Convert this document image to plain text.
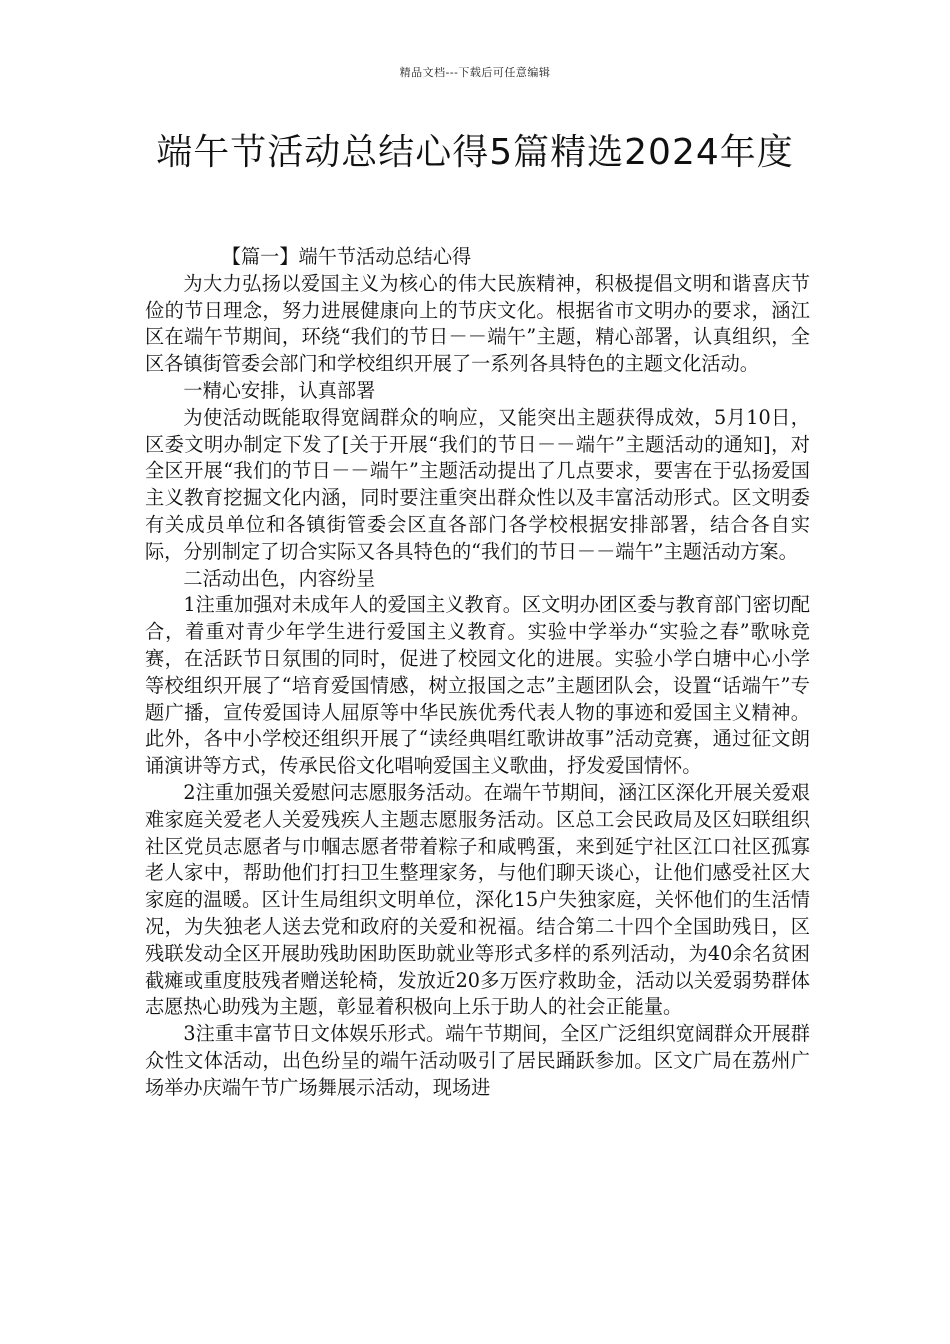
精品文档---下载后可任意编辑
端午节活动总结心得5篇精选2024年度

【篇一】端午节活动总结心得

为大力弘扬以爱国主义为核心的伟大民族精神，积极提倡文明和谐喜庆节俭的节日理念，努力进展健康向上的节庆文化。根据省市文明办的要求，涵江区在端午节期间，环绕“我们的节日－－端午”主题，精心部署，认真组织，全区各镇街管委会部门和学校组织开展了一系列各具特色的主题文化活动。

一精心安排，认真部署

为使活动既能取得宽阔群众的响应，又能突出主题获得成效，5月10日，区委文明办制定下发了[关于开展“我们的节日－－端午”主题活动的通知]，对全区开展“我们的节日－－端午”主题活动提出了几点要求，要害在于弘扬爱国主义教育挖掘文化内涵，同时要注重突出群众性以及丰富活动形式。区文明委有关成员单位和各镇街管委会区直各部门各学校根据安排部署，结合各自实际，分别制定了切合实际又各具特色的“我们的节日－－端午”主题活动方案。

二活动出色，内容纷呈

1注重加强对未成年人的爱国主义教育。区文明办团区委与教育部门密切配合，着重对青少年学生进行爱国主义教育。实验中学举办“实验之春”歌咏竞赛，在活跃节日氛围的同时，促进了校园文化的进展。实验小学白塘中心小学等校组织开展了“培育爱国情感，树立报国之志”主题团队会，设置“话端午”专题广播，宣传爱国诗人屈原等中华民族优秀代表人物的事迹和爱国主义精神。此外，各中小学校还组织开展了“读经典唱红歌讲故事”活动竞赛，通过征文朗诵演讲等方式，传承民俗文化唱响爱国主义歌曲，抒发爱国情怀。

2注重加强关爱慰问志愿服务活动。在端午节期间，涵江区深化开展关爱艰难家庭关爱老人关爱残疾人主题志愿服务活动。区总工会民政局及区妇联组织社区党员志愿者与巾帼志愿者带着粽子和咸鸭蛋，来到延宁社区江口社区孤寡老人家中，帮助他们打扫卫生整理家务，与他们聊天谈心，让他们感受社区大家庭的温暖。区计生局组织文明单位，深化15户失独家庭，关怀他们的生活情况，为失独老人送去党和政府的关爱和祝福。结合第二十四个全国助残日，区残联发动全区开展助残助困助医助就业等形式多样的系列活动，为40余名贫困截瘫或重度肢残者赠送轮椅，发放近20多万医疗救助金，活动以关爱弱势群体志愿热心助残为主题，彰显着积极向上乐于助人的社会正能量。

3注重丰富节日文体娱乐形式。端午节期间，全区广泛组织宽阔群众开展群众性文体活动，出色纷呈的端午活动吸引了居民踊跃参加。区文广局在荔州广场举办庆端午节广场舞展示活动，现场进
